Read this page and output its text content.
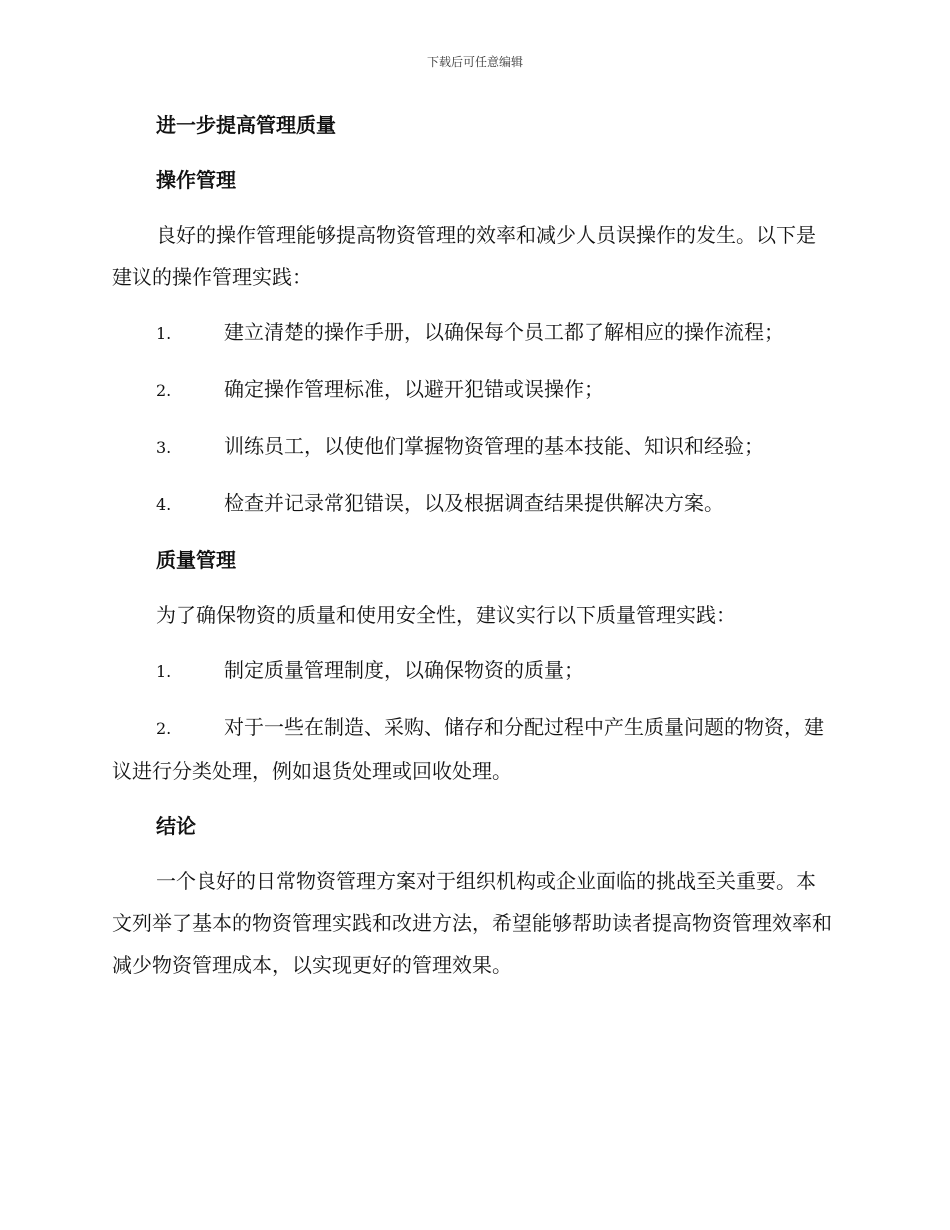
下载后可任意编辑
进一步提高管理质量
操作管理
良好的操作管理能够提高物资管理的效率和减少人员误操作的发生。以下是建议的操作管理实践：
1.	建立清楚的操作手册，以确保每个员工都了解相应的操作流程；
2.	确定操作管理标准，以避开犯错或误操作；
3.	训练员工，以使他们掌握物资管理的基本技能、知识和经验；
4.	检查并记录常犯错误，以及根据调查结果提供解决方案。
质量管理
为了确保物资的质量和使用安全性，建议实行以下质量管理实践：
1.	制定质量管理制度，以确保物资的质量；
2.	对于一些在制造、采购、储存和分配过程中产生质量问题的物资，建议进行分类处理，例如退货处理或回收处理。
结论
一个良好的日常物资管理方案对于组织机构或企业面临的挑战至关重要。本文列举了基本的物资管理实践和改进方法，希望能够帮助读者提高物资管理效率和减少物资管理成本，以实现更好的管理效果。
